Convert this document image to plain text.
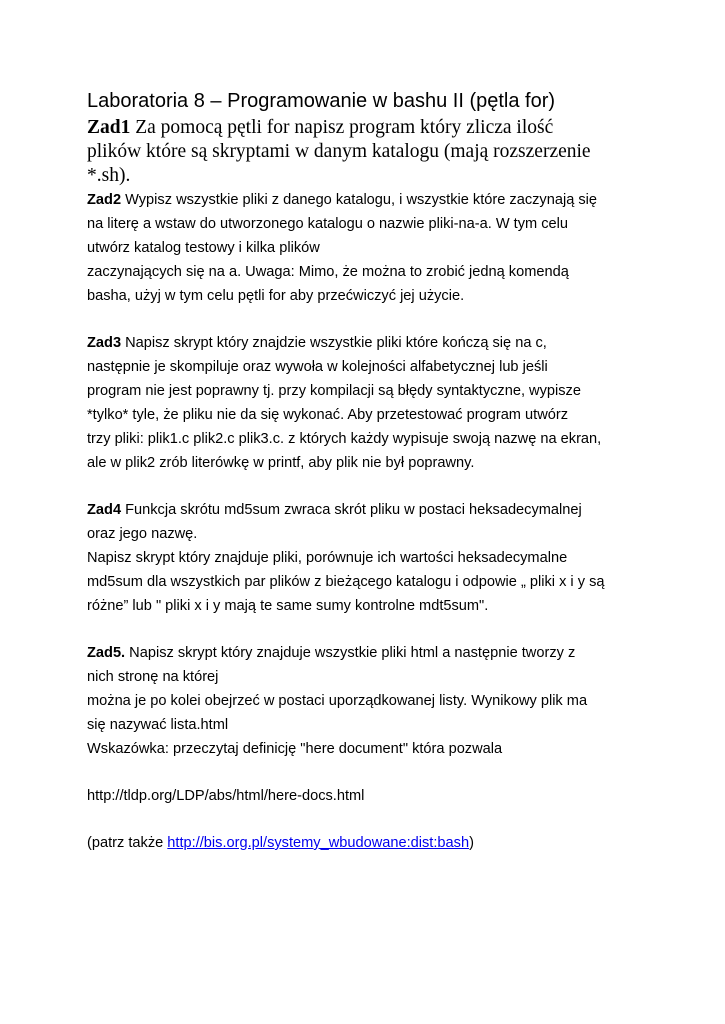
Laboratoria 8 – Programowanie w bashu II (pętla for)

Zad1 Za pomocą pętli for napisz program który zlicza ilość
plików które są skryptami w danym katalogu (mają rozszerzenie
*.sh).

Zad2 Wypisz wszystkie pliki z danego katalogu, i wszystkie które zaczynają się
na literę a wstaw do utworzonego katalogu o nazwie pliki-na-a. W tym celu
utwórz katalog testowy i kilka plików
zaczynających się na a. Uwaga: Mimo, że można to zrobić jedną komendą
basha, użyj w tym celu pętli for aby przećwiczyć jej użycie.

Zad3 Napisz skrypt który znajdzie wszystkie pliki które kończą się na c,
następnie je skompiluje oraz wywoła w kolejności alfabetycznej lub jeśli
program nie jest poprawny tj. przy kompilacji są błędy syntaktyczne, wypisze
*tylko* tyle, że pliku nie da się wykonać. Aby przetestować program utwórz
trzy pliki: plik1.c plik2.c plik3.c. z których każdy wypisuje swoją nazwę na ekran,
ale w plik2 zrób literówkę w printf, aby plik nie był poprawny.

Zad4 Funkcja skrótu md5sum zwraca skrót pliku w postaci heksadecymalnej
oraz jego nazwę.
Napisz skrypt który znajduje pliki, porównuje ich wartości heksadecymalne
md5sum dla wszystkich par plików z bieżącego katalogu i odpowie „ pliki x i y są
różne” lub " pliki x i y mają te same sumy kontrolne mdt5sum".

Zad5. Napisz skrypt który znajduje wszystkie pliki html a następnie tworzy z
nich stronę na której
można je po kolei obejrzeć w postaci uporządkowanej listy. Wynikowy plik ma
się nazywać lista.html
Wskazówka: przeczytaj definicję "here document" która pozwala

http://tldp.org/LDP/abs/html/here-docs.html

(patrz także http://bis.org.pl/systemy_wbudowane:dist:bash)
